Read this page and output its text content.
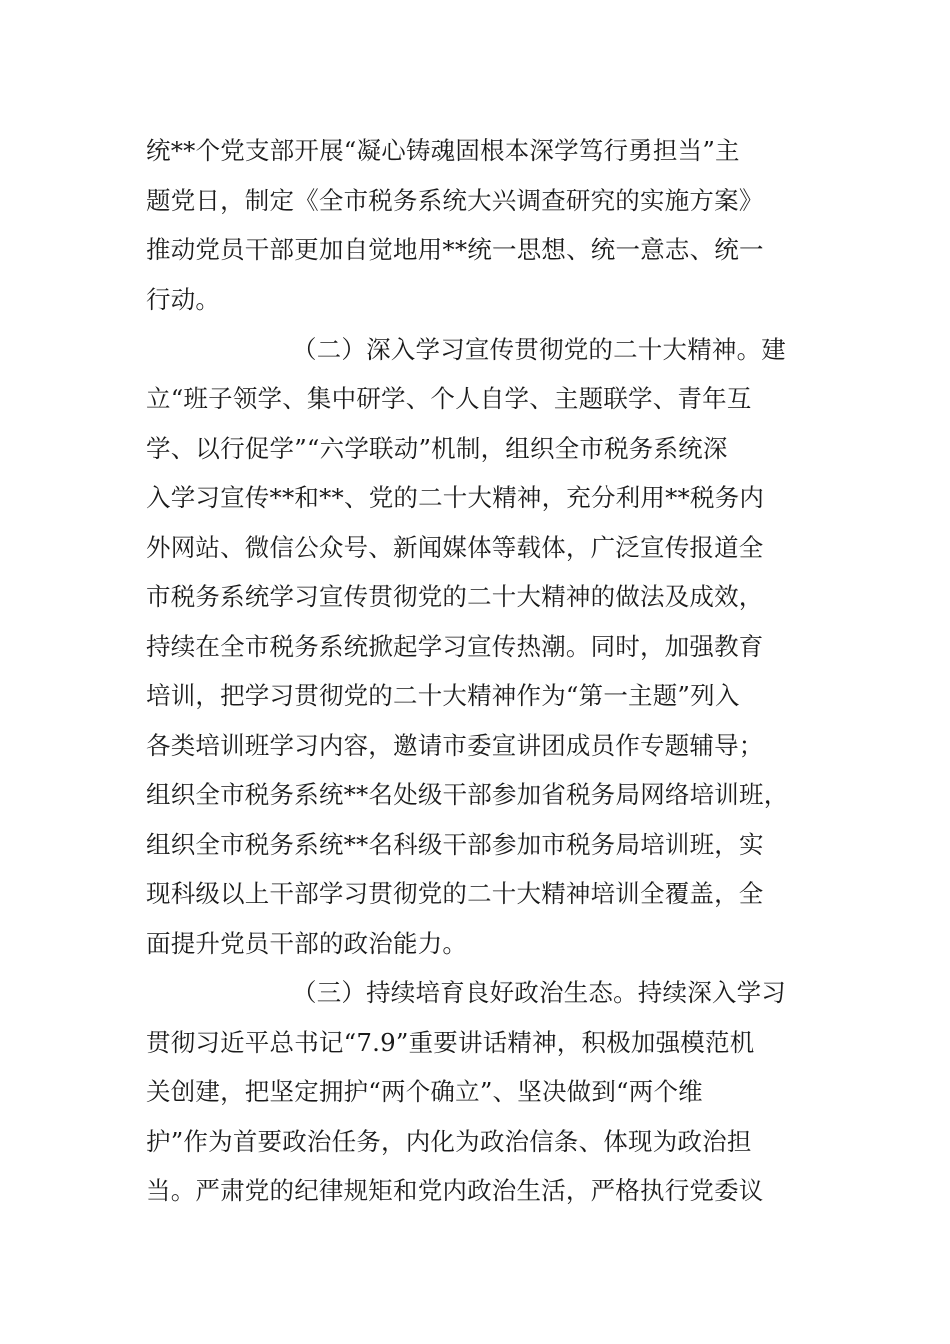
统**个党支部开展“凝心铸魂固根本深学笃行勇担当”主
题党日，制定《全市税务系统大兴调查研究的实施方案》
推动党员干部更加自觉地用**统一思想、统一意志、统一
行动。
（二）深入学习宣传贯彻党的二十大精神。建
立“班子领学、集中研学、个人自学、主题联学、青年互
学、以行促学”“六学联动”机制，组织全市税务系统深
入学习宣传**和**、党的二十大精神，充分利用**税务内
外网站、微信公众号、新闻媒体等载体，广泛宣传报道全
市税务系统学习宣传贯彻党的二十大精神的做法及成效，
持续在全市税务系统掀起学习宣传热潮。同时，加强教育
培训，把学习贯彻党的二十大精神作为“第一主题”列入
各类培训班学习内容，邀请市委宣讲团成员作专题辅导；
组织全市税务系统**名处级干部参加省税务局网络培训班，
组织全市税务系统**名科级干部参加市税务局培训班，实
现科级以上干部学习贯彻党的二十大精神培训全覆盖，全
面提升党员干部的政治能力。
（三）持续培育良好政治生态。持续深入学习
贯彻习近平总书记“7.9”重要讲话精神，积极加强模范机
关创建，把坚定拥护“两个确立”、坚决做到“两个维
护”作为首要政治任务，内化为政治信条、体现为政治担
当。严肃党的纪律规矩和党内政治生活，严格执行党委议
